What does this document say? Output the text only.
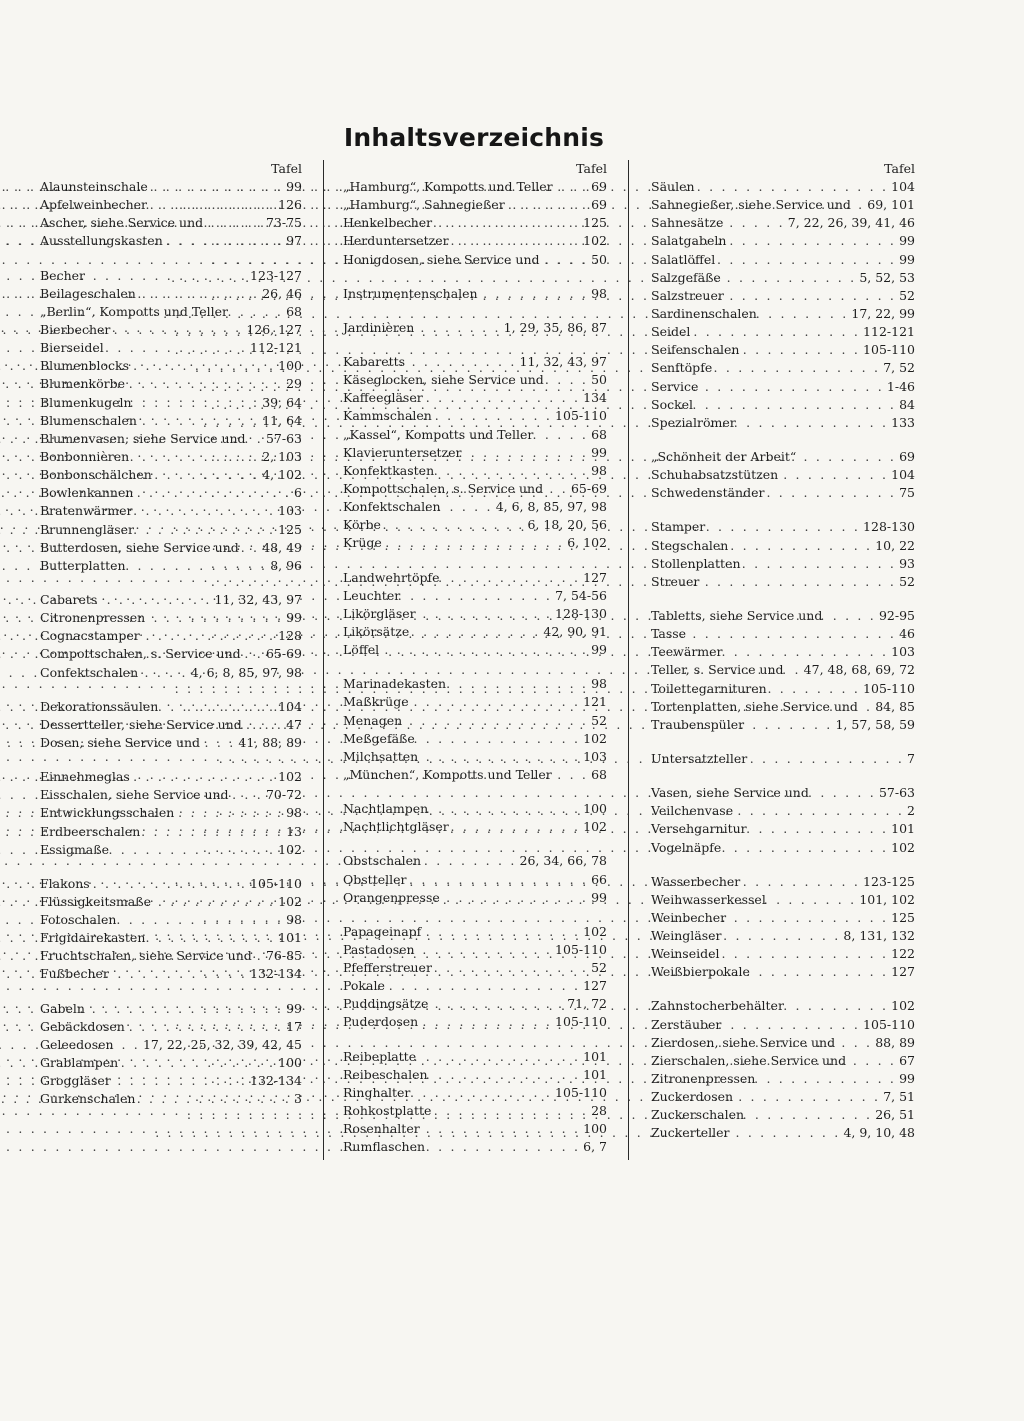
Inhaltsverzeichnis
Tafel
Alaunsteinschale . . .	99
Apfelweinbecher . . .	126
Ascher, siehe Service und . . .	73-75
Ausstellungskasten . . .	97
Becher . . .	123-127
Beilageschalen . . .	26, 46
„Berlin“, Kompotts und Teller . . .	68
Bierbecher . . .	126, 127
Bierseidel . . .	112-121
Blumenblocks . . .	100
Blumenkörbe . . .	29
Blumenkugeln . . .	39, 64
Blumenschalen . . .	11, 64
Blumenvasen, siehe Service und . . . 57-63
Bonbonnièren . . .	2, 103
Bonbonschälchen . . .	4, 102
Bowlenkannen . . .	6
Bratenwärmer . . .	103
Brunnengläser . . .	125
Butterdosen, siehe Service und . . . 48, 49
Butterplatten . . .	8, 96
Cabarets . . .	11, 32, 43, 97
Citronenpressen . . .	99
Cognacstamper . . .	128
Compottschalen, s. Service und . . . 65-69
Confektschalen . . .	4, 6, 8, 85, 97, 98
Dekorationssäulen . . .	104
Dessertteller, siehe Service und . . .	47
Dosen, siehe Service und . . .	41, 88, 89
Einnehmeglas . . .	102
Eisschalen, siehe Service und . . .	70-72
Entwicklungsschalen . . .	98
Erdbeerschalen . . .	13
Essigmaße . . .	102
Flakons . . .	105-110
Flüssigkeitsmaße . . .	102
Fotoschalen . . .	98
Frigidairekasten . . .	101
Fruchtschalen, siehe Service und . . . 76-85
Fußbecher . . .	132-134
Gabeln . . .	99
Gebäckdosen . . .	17
Geleedosen . . . 17, 22, 25, 32, 39, 42, 45
Grablampen . . .	100
Groggläser . . .	132-134
Gurkenschalen . . .	3
Tafel
„Hamburg“, Kompotts und Teller . . .	69
„Hamburg“, Sahnegießer . . .	69
Henkelbecher . . .	125
Herduntersetzer . . .	102
Honigdosen, siehe Service und . . .	50
Instrumentenschalen . . .	98
Jardinièren . . .	1, 29, 35, 86, 87
Kabaretts . . .	11, 32, 43, 97
Käseglocken, siehe Service und . . .	50
Kaffeegläser . . .	134
Kammschalen . . .	105-110
„Kassel“, Kompotts und Teller . . .	68
Klavieruntersetzer . . .	99
Konfektkasten . . .	98
Kompottschalen, s. Service und . . . 65-69
Konfektschalen . . .	4, 6, 8, 85, 97, 98
Körbe . . .	6, 18, 20, 56
Krüge . . .	6, 102
Landwehrtöpfe . . .	127
Leuchter . . .	7, 54-56
Likörgläser . . .	128-130
Likörsätze . . .	42, 90, 91
Löffel . . .	99
Marinadekasten . . .	98
Maßkrüge . . .	121
Menagen . . .	52
Meßgefäße . . .	102
Milchsatten . . .	103
„München“, Kompotts und Teller . . .	68
Nachtlampen . . .	100
Nachtlichtgläser . . .	102
Obstschalen . . .	26, 34, 66, 78
Obstteller . . .	66
Orangenpresse . . .	99
Papageinapf . . .	102
Pastadosen . . .	105-110
Pfefferstreuer . . .	52
Pokale . . .	127
Puddingsätze . . .	71, 72
Puderdosen . . .	105-110
Reibeplatte . . .	101
Reibeschalen . . .	101
Ringhalter . . .	105-110
Rohkostplatte . . .	28
Rosenhalter . . .	100
Rumflaschen . . .	6, 7
Tafel
Säulen . . .	104
Sahnegießer, siehe Service und . . . 69, 101
Sahnesätze . . .	7, 22, 26, 39, 41, 46
Salatgabeln . . .	99
Salatlöffel . . .	99
Salzgefäße . . .	5, 52, 53
Salzstreuer . . .	52
Sardinenschalen . . .	17, 22, 99
Seidel . . .	112-121
Seifenschalen . . .	105-110
Senftöpfe . . .	7, 52
Service . . .	1-46
Sockel . . .	84
Spezialrömer . . .	133
„Schönheit der Arbeit“ . . .	69
Schuhabsatzstützen . . .	104
Schwedenständer . . .	75
Stamper . . .	128-130
Stegschalen . . .	10, 22
Stollenplatten . . .	93
Streuer . . .	52
Tabletts, siehe Service und . . .	92-95
Tasse . . .	46
Teewärmer . . .	103
Teller, s. Service und . . . 47, 48, 68, 69, 72
Toilettegarnituren . . .	105-110
Tortenplatten, siehe Service und . . . 84, 85
Traubenspüler . . .	1, 57, 58, 59
Untersatzteller . . .	7
Vasen, siehe Service und . . .	57-63
Veilchenvase . . .	2
Versehgarnitur . . .	101
Vogelnäpfe . . .	102
Wasserbecher . . .	123-125
Weihwasserkessel . . .	101, 102
Weinbecher . . .	125
Weingläser . . .	8, 131, 132
Weinseidel . . .	122
Weißbierpokale . . .	127
Zahnstocherbehälter . . .	102
Zerstäuber . . .	105-110
Zierdosen, siehe Service und . . .	88, 89
Zierschalen, siehe Service und . . .	67
Zitronenpressen . . .	99
Zuckerdosen . . .	7, 51
Zuckerschalen . . .	26, 51
Zuckerteller . . .	4, 9, 10, 48
